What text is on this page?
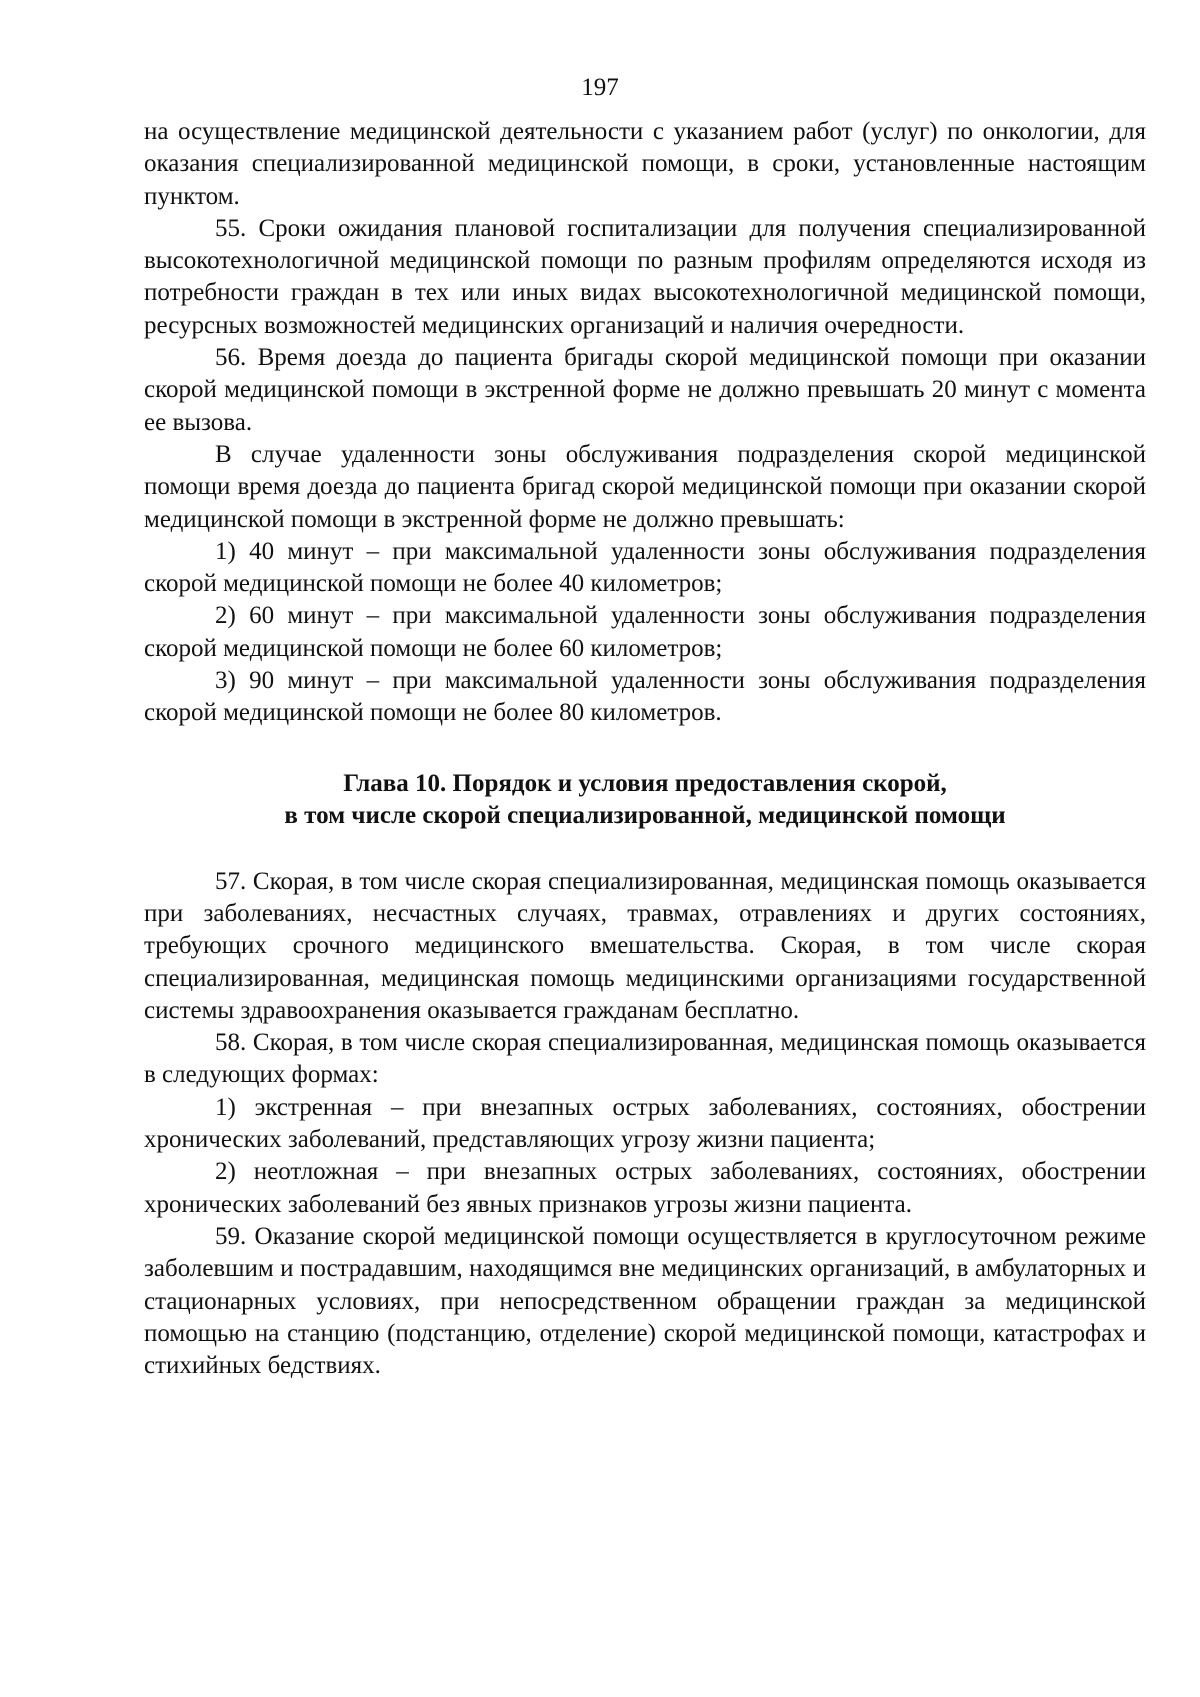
197

на осуществление медицинской деятельности с указанием работ (услуг) по онкологии, для оказания специализированной медицинской помощи, в сроки, установленные настоящим пунктом.

55. Сроки ожидания плановой госпитализации для получения специализированной высокотехнологичной медицинской помощи по разным профилям определяются исходя из потребности граждан в тех или иных видах высокотехнологичной медицинской помощи, ресурсных возможностей медицинских организаций и наличия очередности.

56. Время доезда до пациента бригады скорой медицинской помощи при оказании скорой медицинской помощи в экстренной форме не должно превышать 20 минут с момента ее вызова.

В случае удаленности зоны обслуживания подразделения скорой медицинской помощи время доезда до пациента бригад скорой медицинской помощи при оказании скорой медицинской помощи в экстренной форме не должно превышать:

1) 40 минут – при максимальной удаленности зоны обслуживания подразделения скорой медицинской помощи не более 40 километров;

2) 60 минут – при максимальной удаленности зоны обслуживания подразделения скорой медицинской помощи не более 60 километров;

3) 90 минут – при максимальной удаленности зоны обслуживания подразделения скорой медицинской помощи не более 80 километров.

Глава 10. Порядок и условия предоставления скорой,

в том числе скорой специализированной, медицинской помощи

57. Скорая, в том числе скорая специализированная, медицинская помощь оказывается при заболеваниях, несчастных случаях, травмах, отравлениях и других состояниях, требующих срочного медицинского вмешательства. Скорая, в том числе скорая специализированная, медицинская помощь медицинскими организациями государственной системы здравоохранения оказывается гражданам бесплатно.

58. Скорая, в том числе скорая специализированная, медицинская помощь оказывается в следующих формах:

1) экстренная – при внезапных острых заболеваниях, состояниях, обострении хронических заболеваний, представляющих угрозу жизни пациента;

2) неотложная – при внезапных острых заболеваниях, состояниях, обострении хронических заболеваний без явных признаков угрозы жизни пациента.

59. Оказание скорой медицинской помощи осуществляется в круглосуточном режиме заболевшим и пострадавшим, находящимся вне медицинских организаций, в амбулаторных и стационарных условиях, при непосредственном обращении граждан за медицинской помощью на станцию (подстанцию, отделение) скорой медицинской помощи, катастрофах и стихийных бедствиях.
